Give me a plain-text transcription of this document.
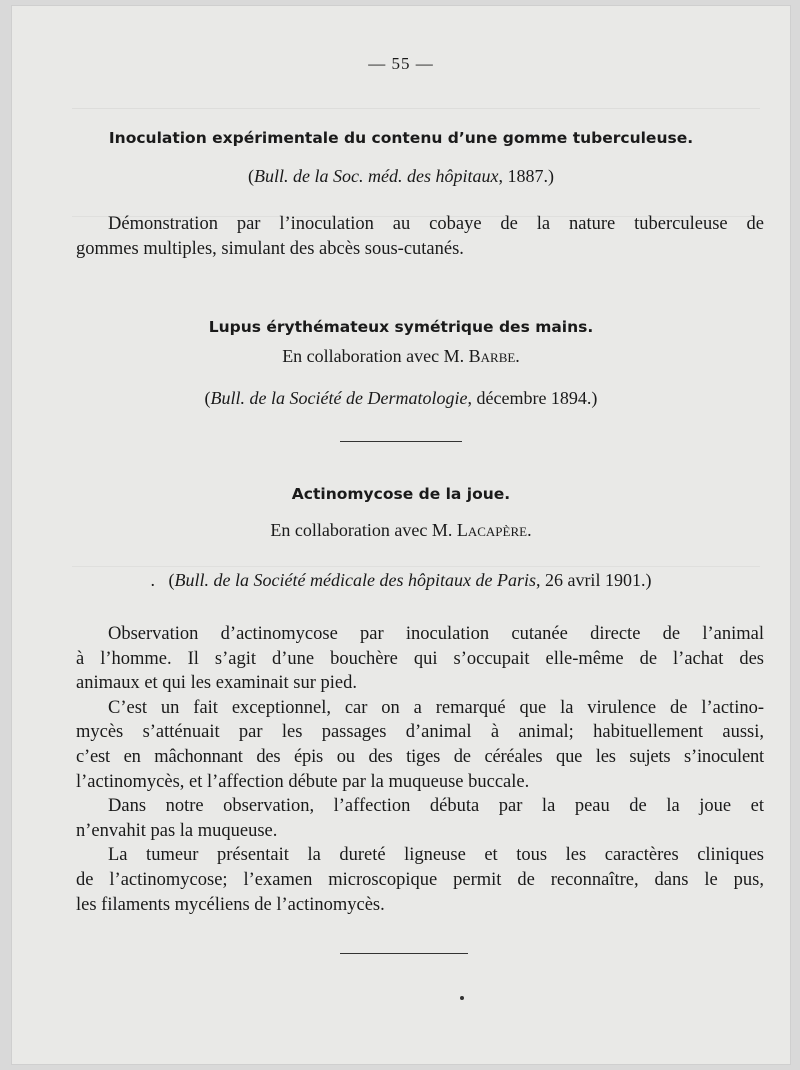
— 55 —
Inoculation expérimentale du contenu d’une gomme tuberculeuse.
(Bull. de la Soc. méd. des hôpitaux, 1887.)
Démonstration par l’inoculation au cobaye de la nature tuberculeuse de
gommes multiples, simulant des abcès sous-cutanés.
Lupus érythémateux symétrique des mains.
En collaboration avec M. Barbe.
(Bull. de la Société de Dermatologie, décembre 1894.)
Actinomycose de la joue.
En collaboration avec M. Lacapère.
. (Bull. de la Société médicale des hôpitaux de Paris, 26 avril 1901.)
Observation d’actinomycose par inoculation cutanée directe de l’animal
à l’homme. Il s’agit d’une bouchère qui s’occupait elle-même de l’achat des
animaux et qui les examinait sur pied.
C’est un fait exceptionnel, car on a remarqué que la virulence de l’actino-
mycès s’atténuait par les passages d’animal à animal; habituellement aussi,
c’est en mâchonnant des épis ou des tiges de céréales que les sujets s’inoculent
l’actinomycès, et l’affection débute par la muqueuse buccale.
Dans notre observation, l’affection débuta par la peau de la joue et
n’envahit pas la muqueuse.
La tumeur présentait la dureté ligneuse et tous les caractères cliniques
de l’actinomycose; l’examen microscopique permit de reconnaître, dans le pus,
les filaments mycéliens de l’actinomycès.
